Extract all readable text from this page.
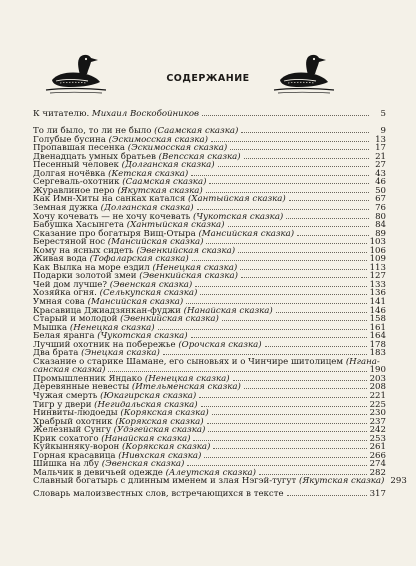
СОДЕРЖАНИЕ
К читателю. Михаил Воскобойников	5
То ли было, то ли не было (Саамская сказка)	9
Голубые бусина (Эскимосская сказка)	13
Пропавшая песенка (Эскимосская сказка)	17
Двенадцать умных братьев (Вепсская сказка)	21
Песенный человек (Долганская сказка)	27
Долгая ночёвка (Кетская сказка)	43
Сергеваль-охотник (Саамская сказка)	46
Журавлиное перо (Якутская сказка)	50
Как Имн-Хиты на санках катался (Хантыйская сказка)	67
Земная дужка (Долганская сказка)	76
Хочу кочевать — не хочу кочевать (Чукотская сказка)	80
Бабушка Хасынгета (Хантыйская сказка)	84
Сказание про богатыря Вищ-Отыра (Мансийская сказка)	89
Берестяной нос (Мансийская сказка)	103
Кому на ясных сидеть (Эвенкийская сказка)	106
Живая вода (Тофаларская сказка)	109
Как Вылка на море ездил (Ненецкая сказка)	113
Подарки золотой змеи (Эвенкийская сказка)	127
Чей дом лучше? (Эвенская сказка)	133
Хозяйка огня. (Селькупская сказка)	136
Умная сова (Мансийская сказка)	141
Красавица Джиадзянкан-фуджи (Нанайская сказка)	146
Старый и молодой (Эвенкийская сказка)	158
Мышка (Ненецкая сказка)	161
Белая яранга (Чукотская сказка)	164
Лучший охотник на побережье (Орочская сказка)	178
Два брата (Энецкая сказка)	183
Сказание о старике Шамане, его сыновьях и о Чинчире шитолицем (Нгана-
санская сказка)	190
Промышленник Яндако (Ненецкая сказка)	203
Деревянные невесты (Ительменская сказка)	208
Чужая смерть (Юкагирская сказка)	221
Тигр у двери (Негидальская сказка)	225
Нинвиты-людоеды (Корякская сказка)	230
Храбрый охотник (Корякская сказка)	237
Железный Сунгу (Удэгейская сказка)	242
Крик сохатого (Нанайская сказка)	253
Куйкынняку-ворон (Корякская сказка)	261
Горная красавица (Нивхская сказка)	266
Шишка на лбу (Эвенская сказка)	274
Мальчик в девичьей одежде (Алеутская сказка)	282
Славный богатырь с длинным именем и злая Нэгэй-тугут (Якутская сказка) 293
Словарь малоизвестных слов, встречающихся в тексте	317
